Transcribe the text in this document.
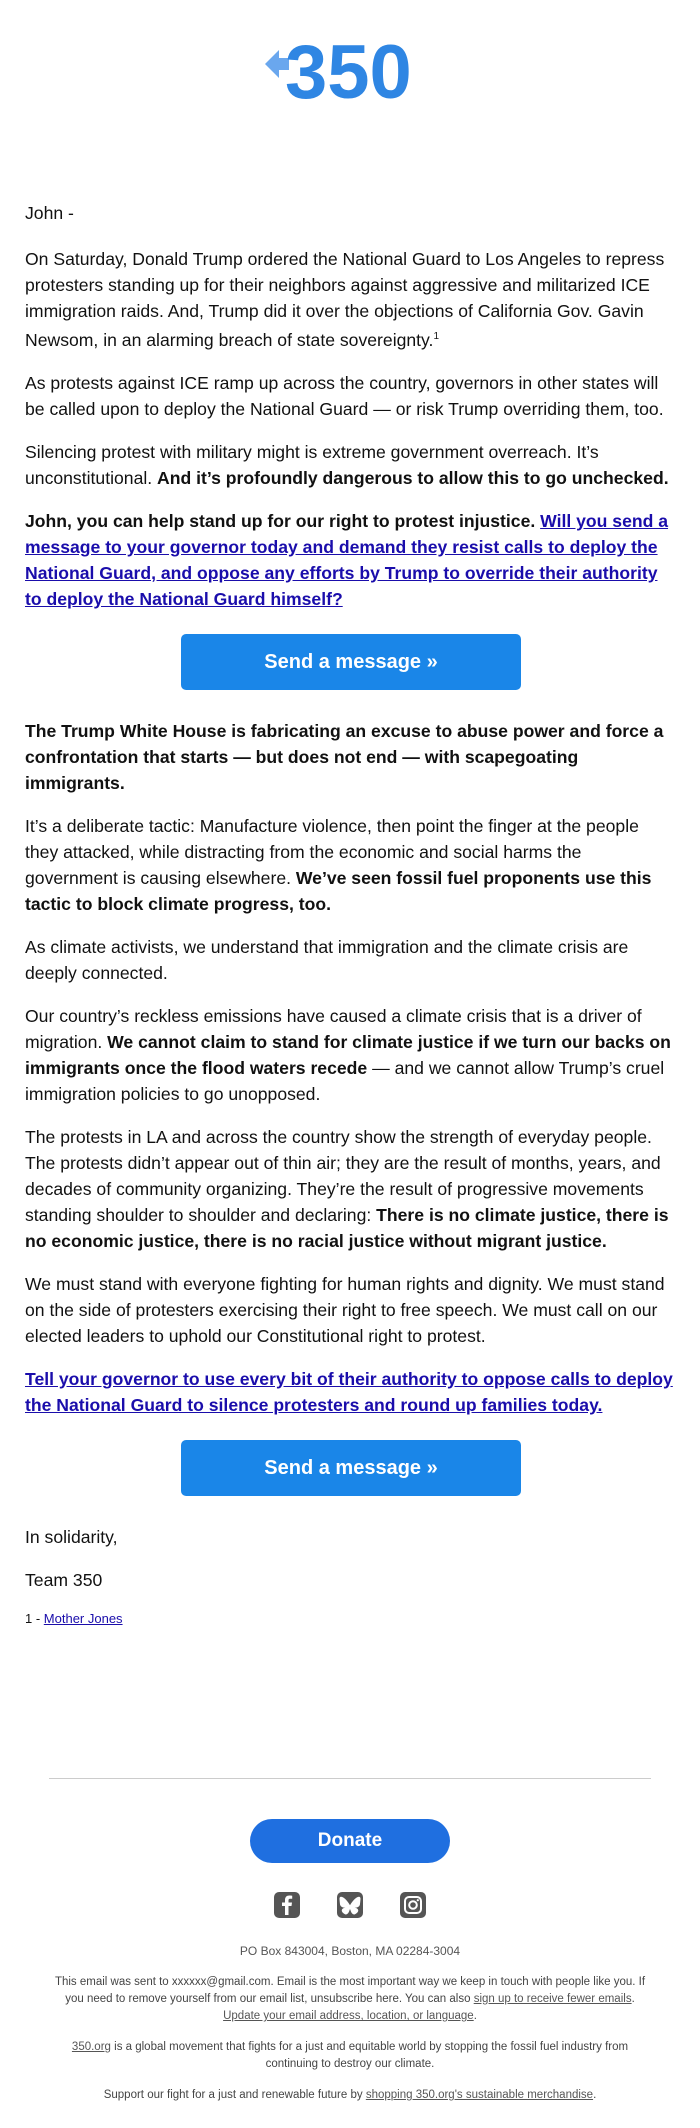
350

John -

On Saturday, Donald Trump ordered the National Guard to Los Angeles to repress protesters standing up for their neighbors against aggressive and militarized ICE immigration raids. And, Trump did it over the objections of California Gov. Gavin Newsom, in an alarming breach of state sovereignty.$^1$

As protests against ICE ramp up across the country, governors in other states will be called upon to deploy the National Guard — or risk Trump overriding them, too.

Silencing protest with military might is extreme government overreach. It’s unconstitutional. And it’s profoundly dangerous to allow this to go unchecked.

John, you can help stand up for our right to protest injustice. Will you send a message to your governor today and demand they resist calls to deploy the National Guard, and oppose any efforts by Trump to override their authority to deploy the National Guard himself?

Send a message »

The Trump White House is fabricating an excuse to abuse power and force a confrontation that starts — but does not end — with scapegoating immigrants.

It’s a deliberate tactic: Manufacture violence, then point the finger at the people they attacked, while distracting from the economic and social harms the government is causing elsewhere. We’ve seen fossil fuel proponents use this tactic to block climate progress, too.

As climate activists, we understand that immigration and the climate crisis are deeply connected.

Our country’s reckless emissions have caused a climate crisis that is a driver of migration. We cannot claim to stand for climate justice if we turn our backs on immigrants once the flood waters recede — and we cannot allow Trump’s cruel immigration policies to go unopposed.

The protests in LA and across the country show the strength of everyday people. The protests didn’t appear out of thin air; they are the result of months, years, and decades of community organizing. They’re the result of progressive movements standing shoulder to shoulder and declaring: There is no climate justice, there is no economic justice, there is no racial justice without migrant justice.

We must stand with everyone fighting for human rights and dignity. We must stand on the side of protesters exercising their right to free speech. We must call on our elected leaders to uphold our Constitutional right to protest.

Tell your governor to use every bit of their authority to oppose calls to deploy the National Guard to silence protesters and round up families today.

Send a message »

In solidarity,

Team 350

1 - Mother Jones
Donate

PO Box 843004, Boston, MA 02284-3004
This email was sent to xxxxxx@gmail.com. Email is the most important way we keep in touch with people like you. If you need to remove yourself from our email list, unsubscribe here. You can also sign up to receive fewer emails. Update your email address, location, or language.
350.org is a global movement that fights for a just and equitable world by stopping the fossil fuel industry from continuing to destroy our climate.
Support our fight for a just and renewable future by shopping 350.org's sustainable merchandise.
